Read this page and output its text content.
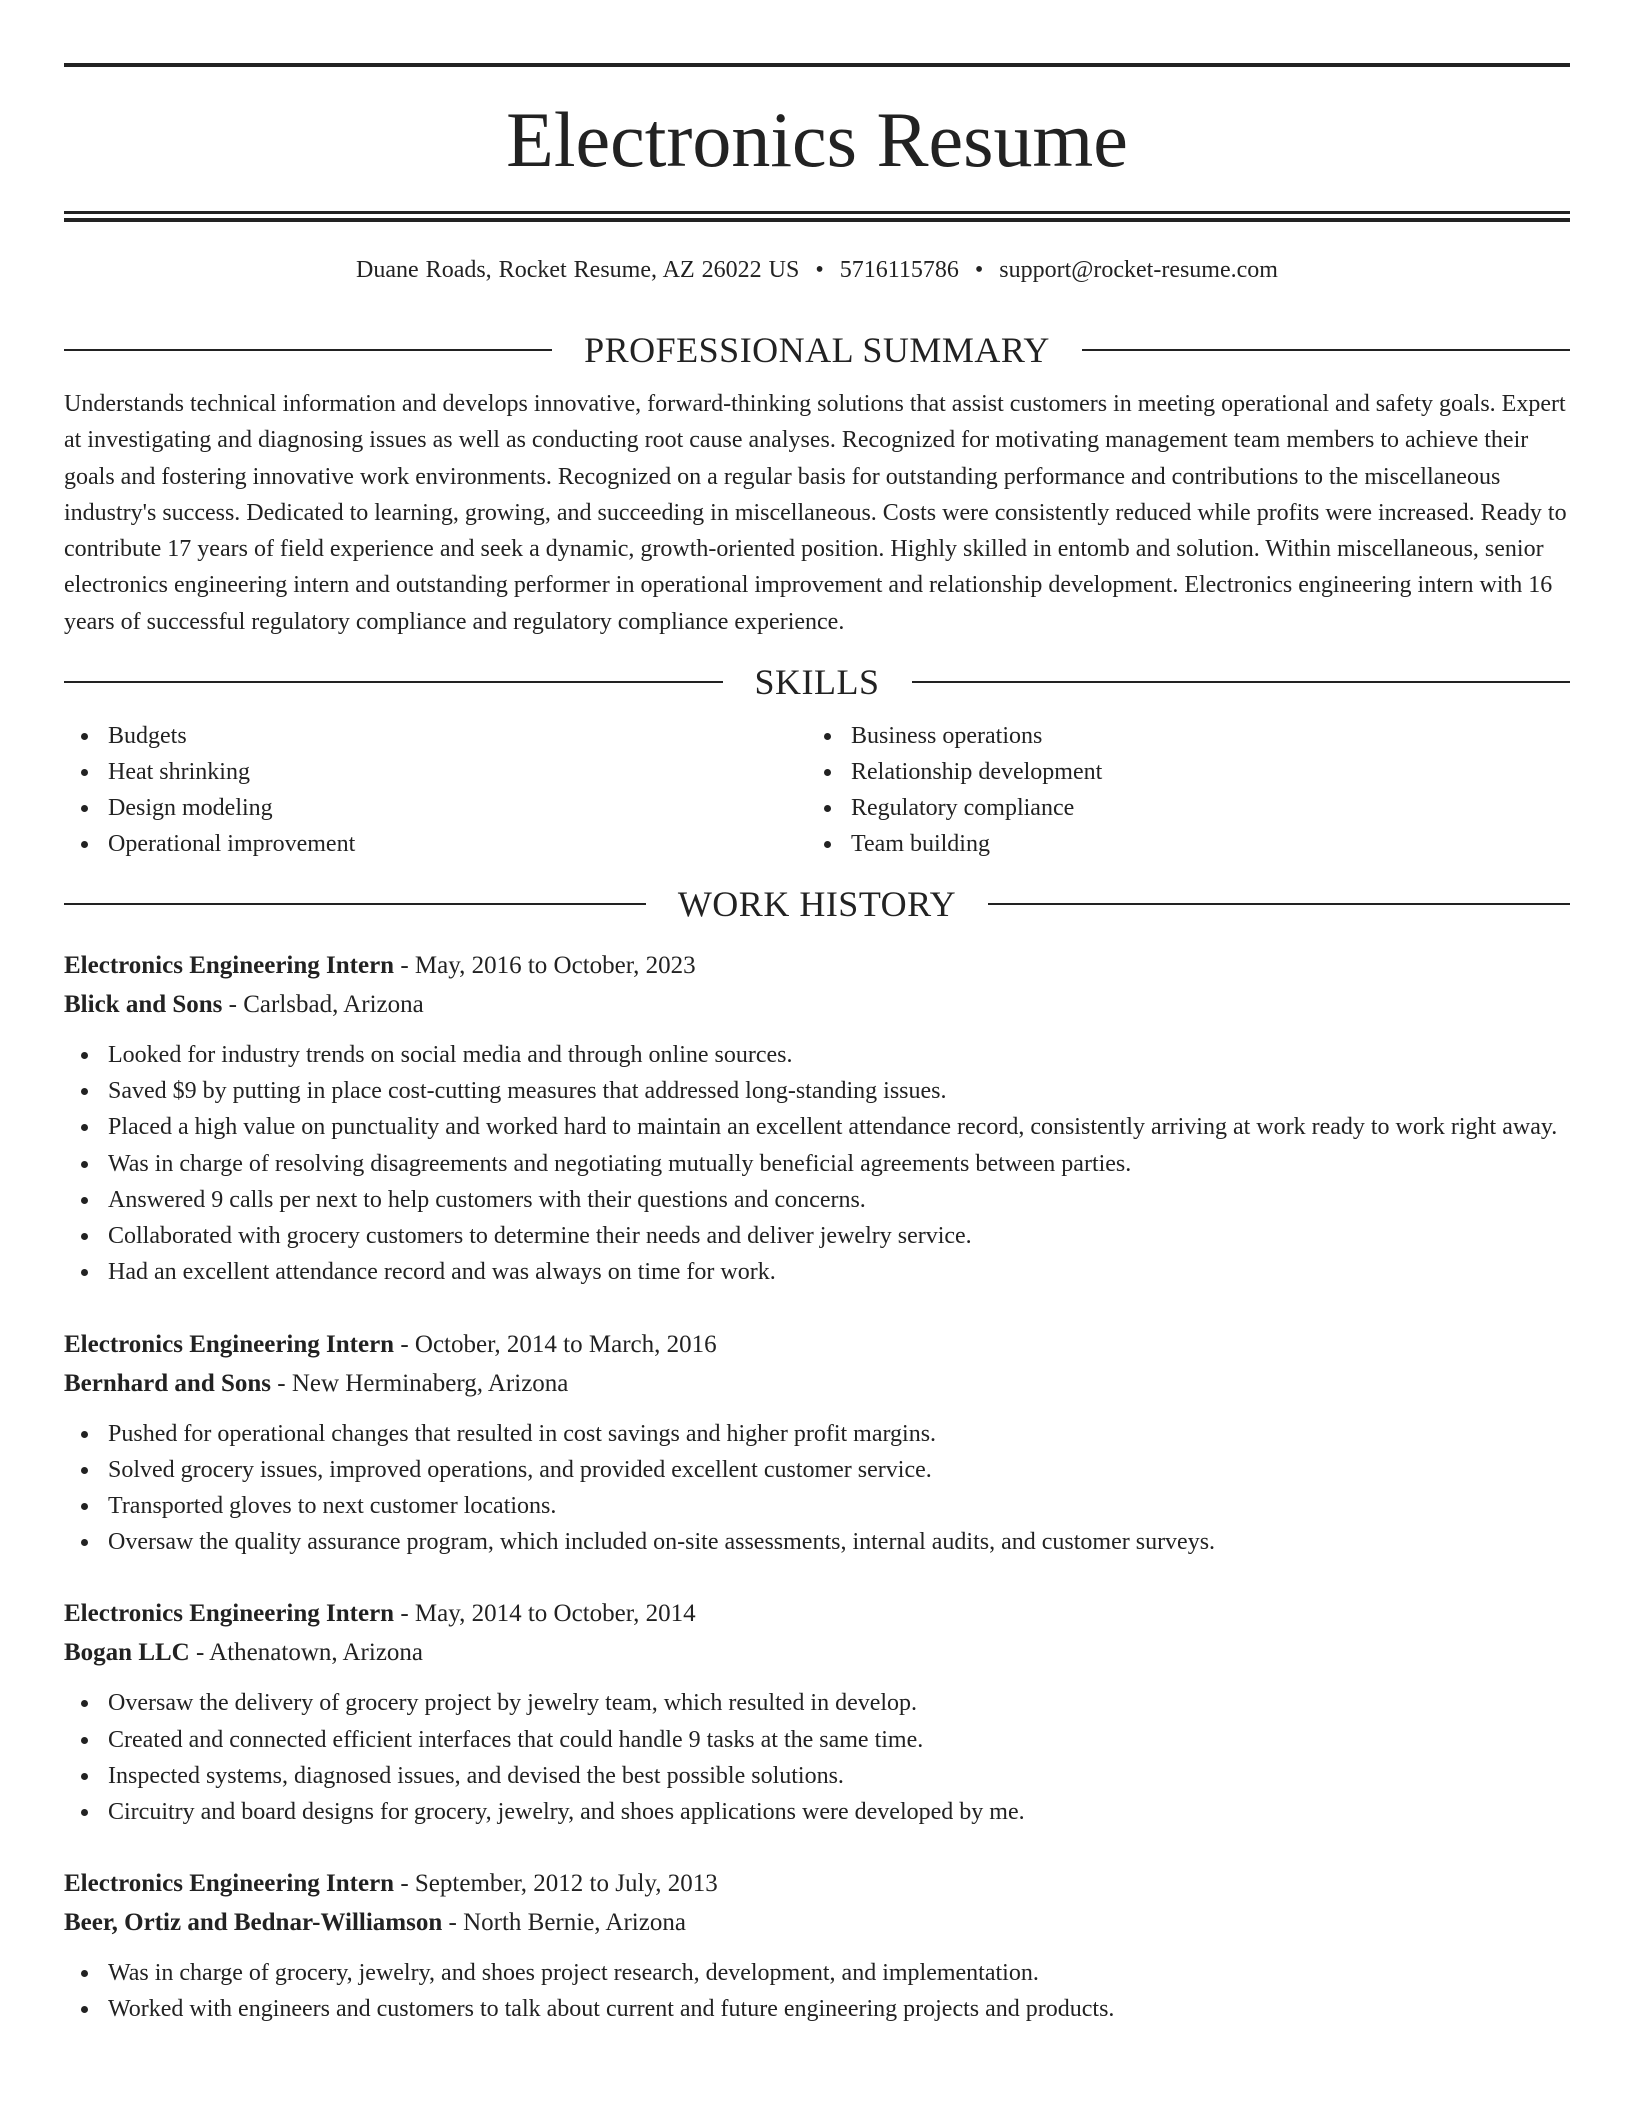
Electronics Resume
Duane Roads, Rocket Resume, AZ 26022 US • 5716115786 • support@rocket-resume.com
PROFESSIONAL SUMMARY

Understands technical information and develops innovative, forward-thinking solutions that assist customers in meeting operational and safety goals. Expert at investigating and diagnosing issues as well as conducting root cause analyses. Recognized for motivating management team members to achieve their goals and fostering innovative work environments. Recognized on a regular basis for outstanding performance and contributions to the miscellaneous industry's success. Dedicated to learning, growing, and succeeding in miscellaneous. Costs were consistently reduced while profits were increased. Ready to contribute 17 years of field experience and seek a dynamic, growth-oriented position. Highly skilled in entomb and solution. Within miscellaneous, senior electronics engineering intern and outstanding performer in operational improvement and relationship development. Electronics engineering intern with 16 years of successful regulatory compliance and regulatory compliance experience.

SKILLS
Budgets
Heat shrinking
Design modeling
Operational improvement
Business operations
Relationship development
Regulatory compliance
Team building
WORK HISTORY
Electronics Engineering Intern - May, 2016 to October, 2023
Blick and Sons - Carlsbad, Arizona
Looked for industry trends on social media and through online sources.
Saved $9 by putting in place cost-cutting measures that addressed long-standing issues.
Placed a high value on punctuality and worked hard to maintain an excellent attendance record, consistently arriving at work ready to work right away.
Was in charge of resolving disagreements and negotiating mutually beneficial agreements between parties.
Answered 9 calls per next to help customers with their questions and concerns.
Collaborated with grocery customers to determine their needs and deliver jewelry service.
Had an excellent attendance record and was always on time for work.
Electronics Engineering Intern - October, 2014 to March, 2016
Bernhard and Sons - New Herminaberg, Arizona
Pushed for operational changes that resulted in cost savings and higher profit margins.
Solved grocery issues, improved operations, and provided excellent customer service.
Transported gloves to next customer locations.
Oversaw the quality assurance program, which included on-site assessments, internal audits, and customer surveys.
Electronics Engineering Intern - May, 2014 to October, 2014
Bogan LLC - Athenatown, Arizona
Oversaw the delivery of grocery project by jewelry team, which resulted in develop.
Created and connected efficient interfaces that could handle 9 tasks at the same time.
Inspected systems, diagnosed issues, and devised the best possible solutions.
Circuitry and board designs for grocery, jewelry, and shoes applications were developed by me.
Electronics Engineering Intern - September, 2012 to July, 2013
Beer, Ortiz and Bednar-Williamson - North Bernie, Arizona
Was in charge of grocery, jewelry, and shoes project research, development, and implementation.
Worked with engineers and customers to talk about current and future engineering projects and products.
